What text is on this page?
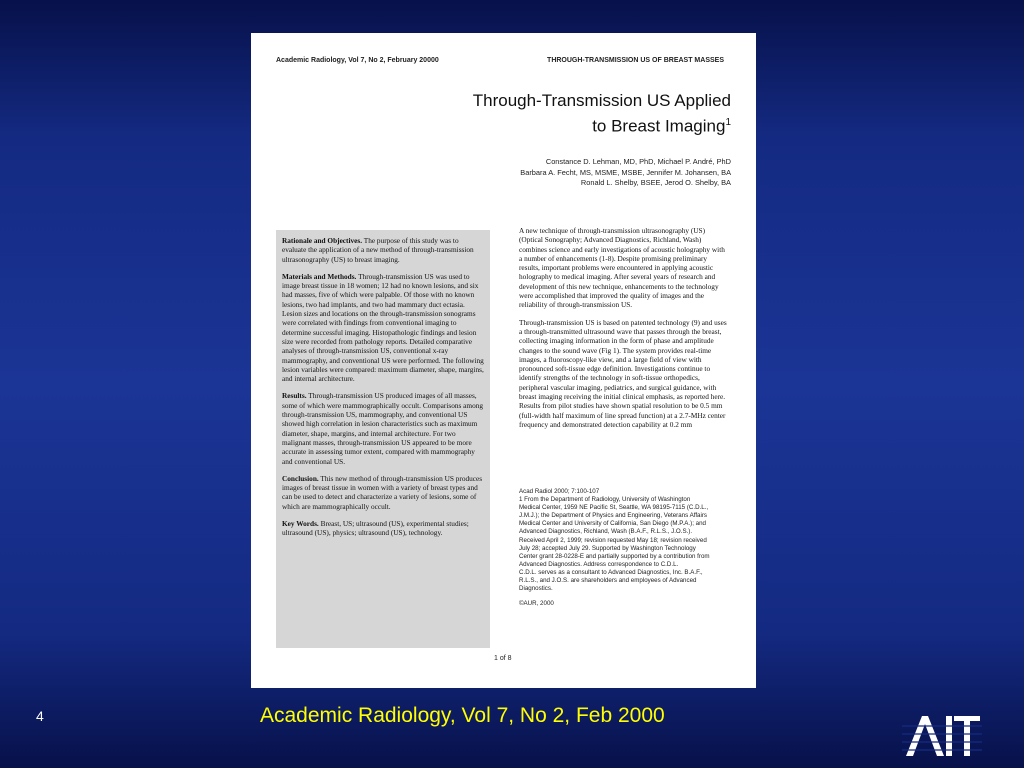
Academic Radiology, Vol 7, No 2, February 20000	THROUGH-TRANSMISSION US OF BREAST MASSES
Through-Transmission US Applied
to Breast Imaging$^1$
Constance D. Lehman, MD, PhD, Michael P. André, PhD
Barbara A. Fecht, MS, MSME, MSBE, Jennifer M. Johansen, BA
Ronald L. Shelby, BSEE, Jerod O. Shelby, BA

Rationale and Objectives. The purpose of this study was to evaluate the application of a new method of through-transmission ultrasonography (US) to breast imaging.

Materials and Methods. Through-transmission US was used to image breast tissue in 18 women; 12 had no known lesions, and six had masses, five of which were palpable. Of those with no known lesions, two had implants, and two had mammary duct ectasia. Lesion sizes and locations on the through-transmission sonograms were correlated with findings from conventional imaging to determine successful imaging. Histopathologic findings and lesion size were recorded from pathology reports. Detailed comparative analyses of through-transmission US, conventional x-ray mammography, and conventional US were performed. The following lesion variables were compared: maximum diameter, shape, margins, and internal architecture.

Results. Through-transmission US produced images of all masses, some of which were mammographically occult. Comparisons among through-transmission US, mammography, and conventional US showed high correlation in lesion characteristics such as maximum diameter, shape, margins, and internal architecture. For two malignant masses, through-transmission US appeared to be more accurate in assessing tumor extent, compared with mammography and conventional US.

Conclusion. This new method of through-transmission US produces images of breast tissue in women with a variety of breast types and can be used to detect and characterize a variety of lesions, some of which are mammographically occult.

Key Words. Breast, US; ultrasound (US), experimental studies; ultrasound (US), physics; ultrasound (US), technology.

A new technique of through-transmission ultrasonography (US) (Optical Sonography; Advanced Diagnostics, Richland, Wash) combines science and early investigations of acoustic holography with a number of enhancements (1-8). Despite promising preliminary results, important problems were encountered in applying acoustic holography to medical imaging. After several years of research and development of this new technique, enhancements to the technology were accomplished that improved the quality of images and the reliability of through-transmission US.

Through-transmission US is based on patented technology (9) and uses a through-transmitted ultrasound wave that passes through the breast, collecting imaging information in the form of phase and amplitude changes to the sound wave (Fig 1). The system provides real-time images, a fluoroscopy-like view, and a large field of view with pronounced soft-tissue edge definition. Investigations continue to identify strengths of the technology in soft-tissue orthopedics, peripheral vascular imaging, pediatrics, and surgical guidance, with breast imaging receiving the initial clinical emphasis, as reported here. Results from pilot studies have shown spatial resolution to be 0.5 mm (full-width half maximum of line spread function) at a 2.7-MHz center frequency and demonstrated detection capability at 0.2 mm

Acad Radiol 2000; 7:100-107
1 From the Department of Radiology, University of Washington
Medical Center, 1959 NE Pacific St, Seattle, WA 98195-7115 (C.D.L.,
J.M.J.); the Department of Physics and Engineering, Veterans Affairs
Medical Center and University of California, San Diego (M.P.A.); and
Advanced Diagnostics, Richland, Wash (B.A.F., R.L.S., J.O.S.).
Received April 2, 1999; revision requested May 18; revision received
July 28; accepted July 29. Supported by Washington Technology
Center grant 28-0228-E and partially supported by a contribution from
Advanced Diagnostics. Address correspondence to C.D.L.
C.D.L. serves as a consultant to Advanced Diagnostics, Inc. B.A.F.,
R.L.S., and J.O.S. are shareholders and employees of Advanced
Diagnostics.
©AUR, 2000
1 of 8
4	Academic Radiology, Vol 7, No 2, Feb 2000
